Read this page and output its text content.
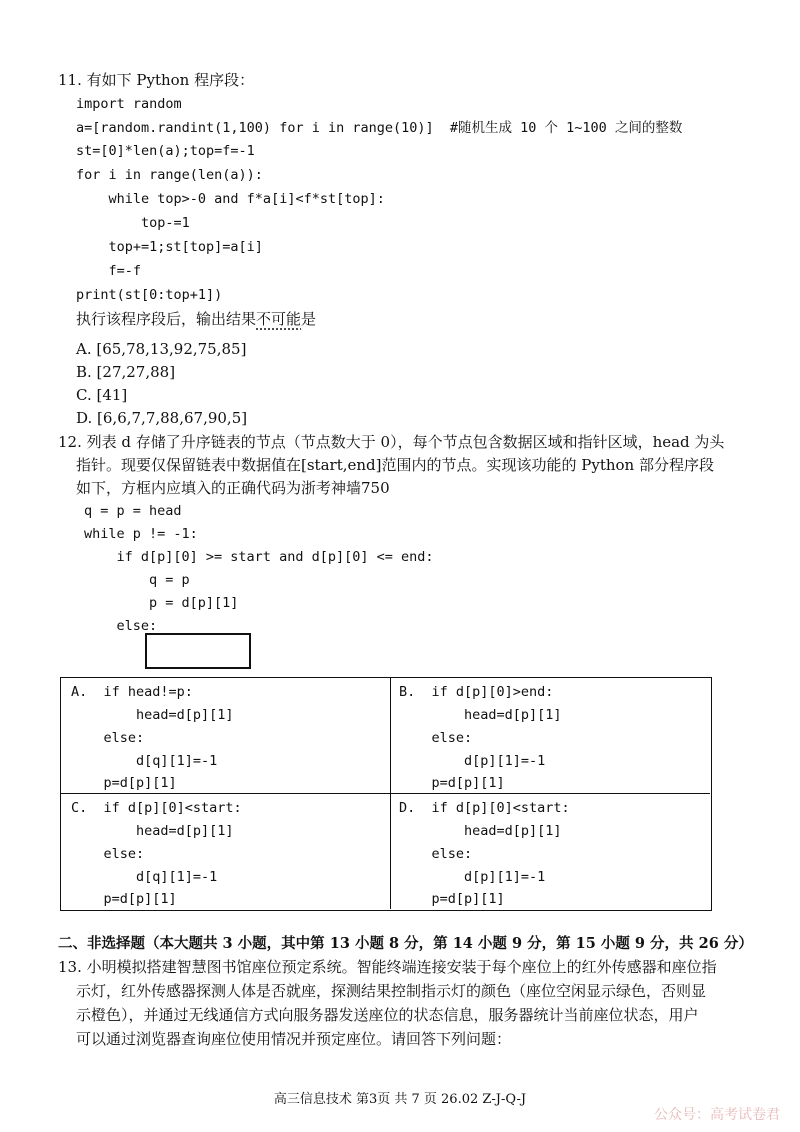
11. 有如下 Python 程序段：
import random
a=[random.randint(1,100) for i in range(10)]  #随机生成 10 个 1~100 之间的整数
st=[0]*len(a);top=f=-1
for i in range(len(a)):
while top>-0 and f*a[i]<f*st[top]:
top-=1
top+=1;st[top]=a[i]
f=-f
print(st[0:top+1])
执行该程序段后，输出结果不可能是
A. [65,78,13,92,75,85]
B. [27,27,88]
C. [41]
D. [6,6,7,7,88,67,90,5]
12. 列表 d 存储了升序链表的节点（节点数大于 0），每个节点包含数据区域和指针区域，head 为头
指针。现要仅保留链表中数据值在[start,end]范围内的节点。实现该功能的 Python 部分程序段
如下，方框内应填入的正确代码为浙考神墙750
q = p = head
while p != -1:
if d[p][0] >= start and d[p][0] <= end:
q = p
p = d[p][1]
else:
A.  if head!=p:
head=d[p][1]
else:
d[q][1]=-1
p=d[p][1]
B.  if d[p][0]>end:
head=d[p][1]
else:
d[p][1]=-1
p=d[p][1]
C.  if d[p][0]<start:
head=d[p][1]
else:
d[q][1]=-1
p=d[p][1]
D.  if d[p][0]<start:
head=d[p][1]
else:
d[p][1]=-1
p=d[p][1]
二、非选择题（本大题共 3 小题，其中第 13 小题 8 分，第 14 小题 9 分，第 15 小题 9 分，共 26 分）
13. 小明模拟搭建智慧图书馆座位预定系统。智能终端连接安装于每个座位上的红外传感器和座位指
示灯，红外传感器探测人体是否就座，探测结果控制指示灯的颜色（座位空闲显示绿色，否则显
示橙色），并通过无线通信方式向服务器发送座位的状态信息，服务器统计当前座位状态，用户
可以通过浏览器查询座位使用情况并预定座位。请回答下列问题：
高三信息技术 第3页 共 7 页 26.02 Z-J-Q-J
公众号：高考试卷君
